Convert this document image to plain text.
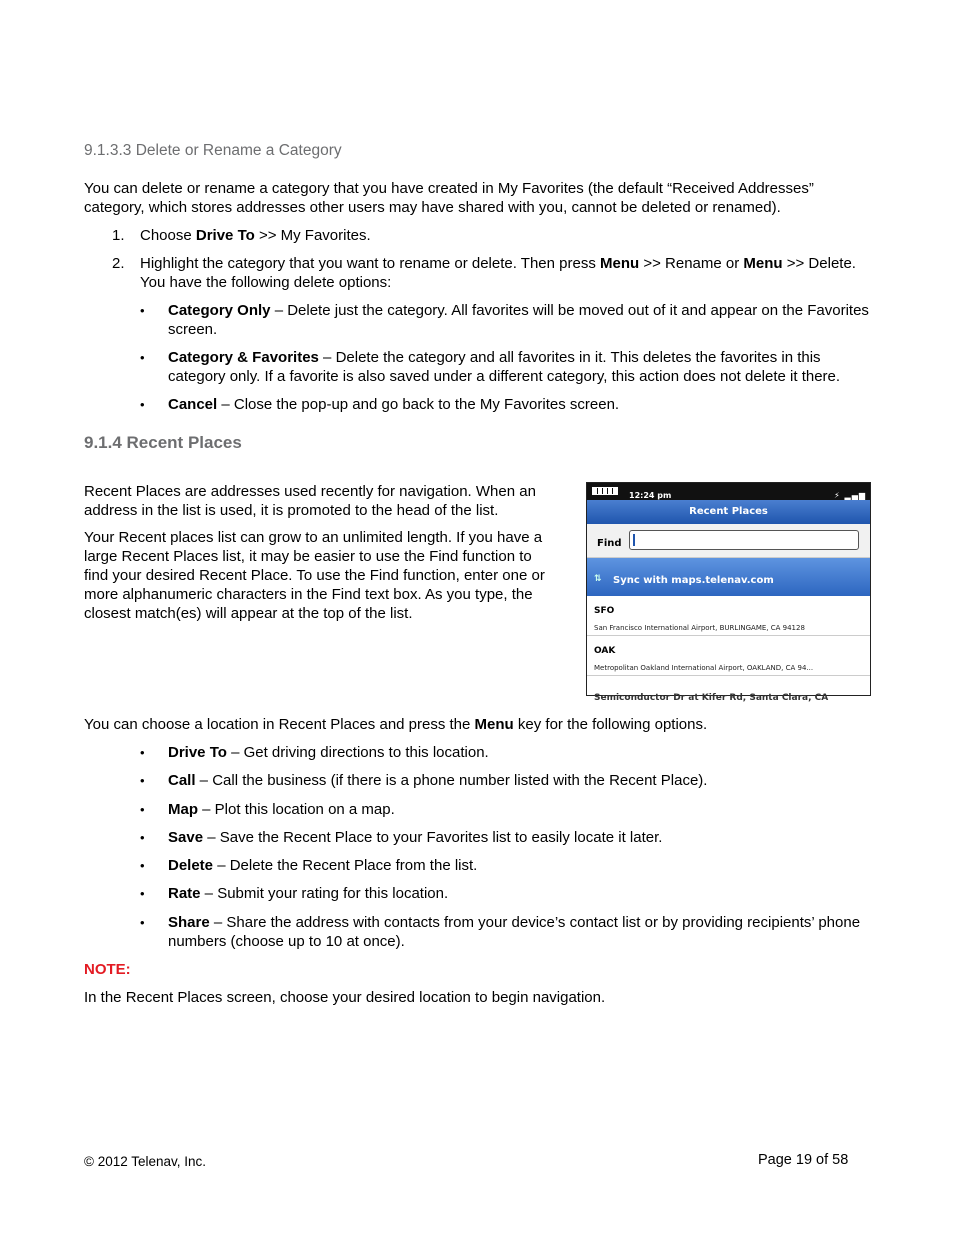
9.1.3.3 Delete or Rename a Category

You can delete or rename a category that you have created in My Favorites (the default “Received Addresses” category, which stores addresses other users may have shared with you, cannot be deleted or renamed).

1. Choose Drive To >> My Favorites.
2. Highlight the category that you want to rename or delete. Then press Menu >> Rename or Menu >> Delete. You have the following delete options:
• Category Only – Delete just the category. All favorites will be moved out of it and appear on the Favorites screen.
• Category & Favorites – Delete the category and all favorites in it. This deletes the favorites in this category only. If a favorite is also saved under a different category, this action does not delete it there.
• Cancel – Close the pop-up and go back to the My Favorites screen.
9.1.4 Recent Places

Recent Places are addresses used recently for navigation. When an address in the list is used, it is promoted to the head of the list.

Your Recent places list can grow to an unlimited length. If you have a large Recent Places list, it may be easier to use the Find function to find your desired Recent Place. To use the Find function, enter one or more alphanumeric characters in the Find text box. As you type, the closest match(es) will appear at the top of the list.

12:24 pm	⚡ ▂▄▆
Recent Places
Find
⇅ Sync with maps.telenav.com
SFO
San Francisco International Airport, BURLINGAME, CA 94128
OAK
Metropolitan Oakland International Airport, OAKLAND, CA 94...
Semiconductor Dr at Kifer Rd, Santa Clara, CA

You can choose a location in Recent Places and press the Menu key for the following options.

• Drive To – Get driving directions to this location.
• Call – Call the business (if there is a phone number listed with the Recent Place).
• Map – Plot this location on a map.
• Save – Save the Recent Place to your Favorites list to easily locate it later.
• Delete – Delete the Recent Place from the list.
• Rate – Submit your rating for this location.
• Share – Share the address with contacts from your device’s contact list or by providing recipients’ phone numbers (choose up to 10 at once).
NOTE:

In the Recent Places screen, choose your desired location to begin navigation.

© 2012 Telenav, Inc.	Page 19 of 58
